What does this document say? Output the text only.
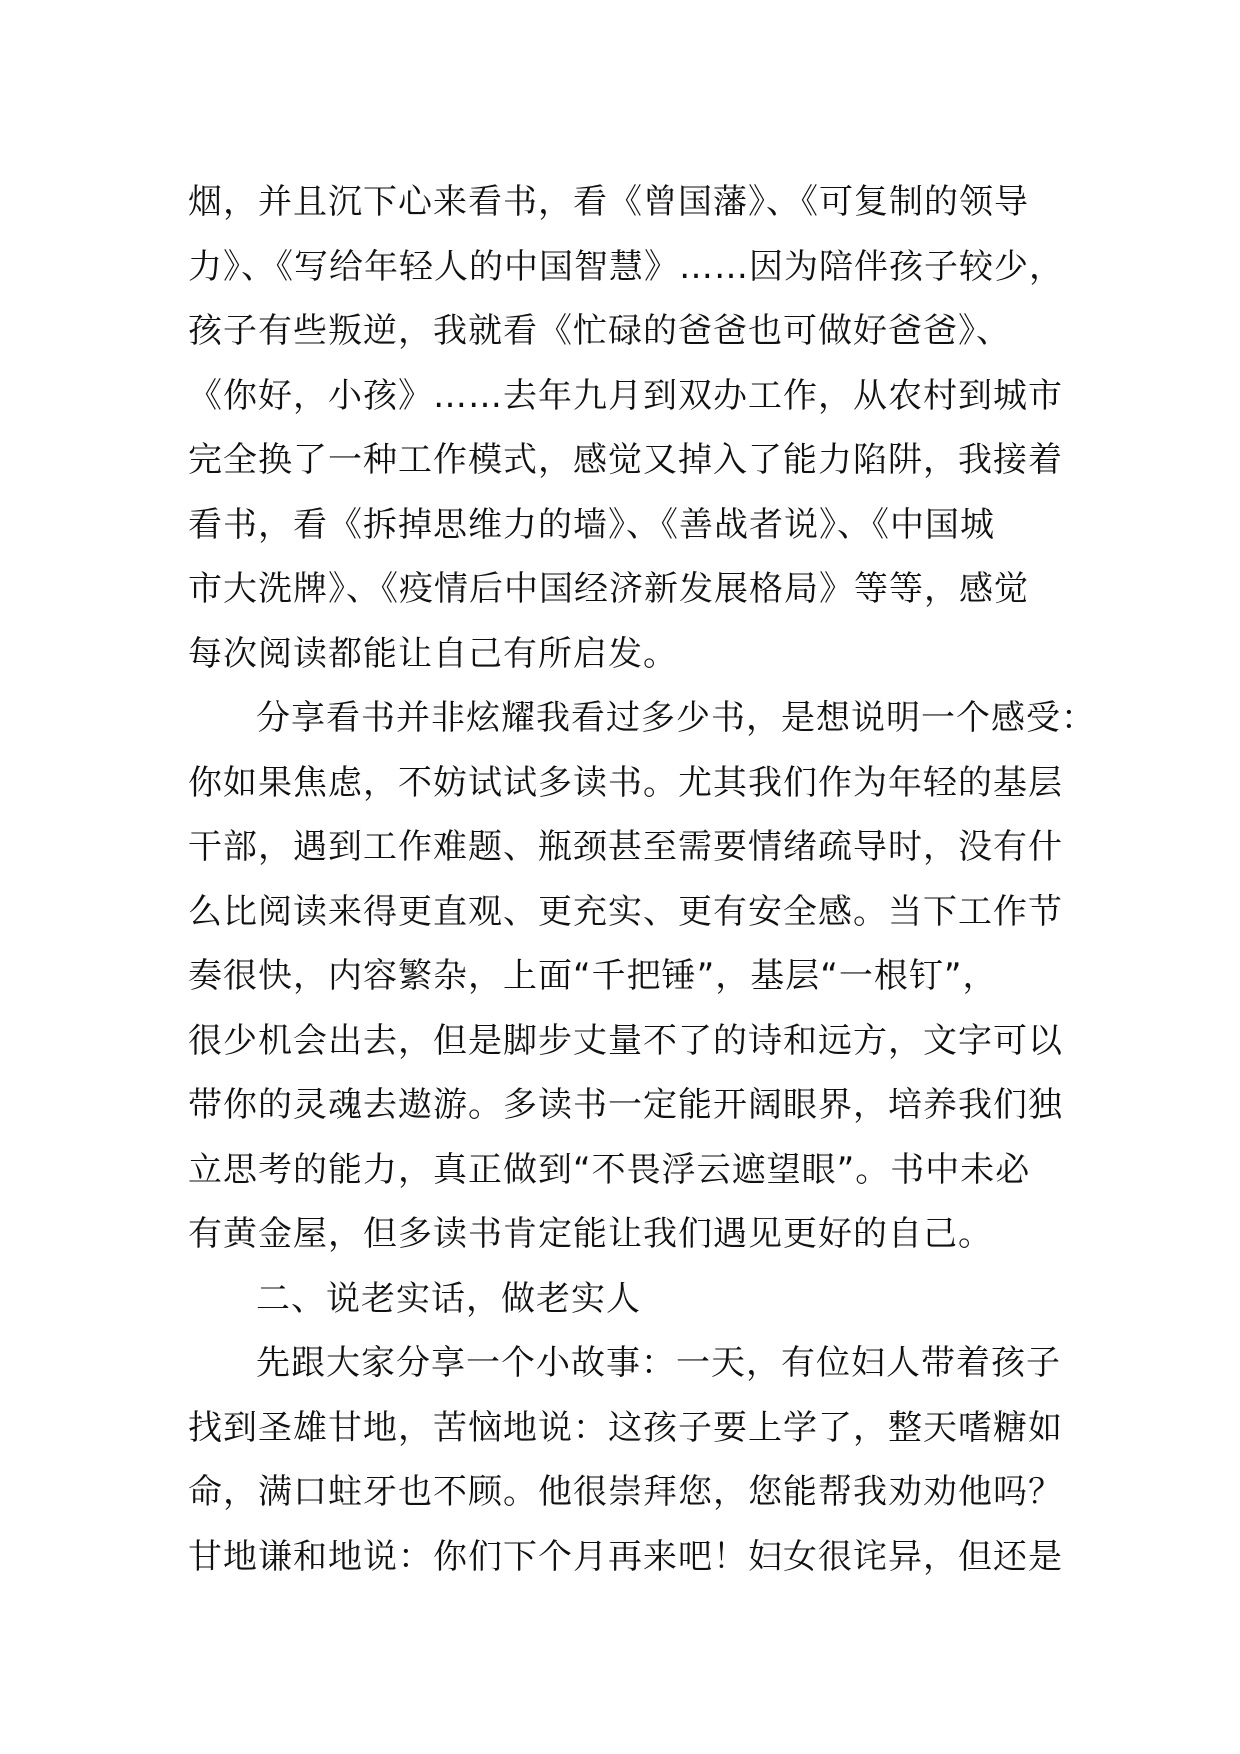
烟，并且沉下心来看书，看《曾国藩》、《可复制的领导
力》、《写给年轻人的中国智慧》……因为陪伴孩子较少，
孩子有些叛逆，我就看《忙碌的爸爸也可做好爸爸》、
《你好，小孩》……去年九月到双办工作，从农村到城市
完全换了一种工作模式，感觉又掉入了能力陷阱，我接着
看书，看《拆掉思维力的墙》、《善战者说》、《中国城
市大洗牌》、《疫情后中国经济新发展格局》等等，感觉
每次阅读都能让自己有所启发。
分享看书并非炫耀我看过多少书，是想说明一个感受：
你如果焦虑，不妨试试多读书。尤其我们作为年轻的基层
干部，遇到工作难题、瓶颈甚至需要情绪疏导时，没有什
么比阅读来得更直观、更充实、更有安全感。当下工作节
奏很快，内容繁杂，上面“千把锤”，基层“一根钉”，
很少机会出去，但是脚步丈量不了的诗和远方，文字可以
带你的灵魂去遨游。多读书一定能开阔眼界，培养我们独
立思考的能力，真正做到“不畏浮云遮望眼”。书中未必
有黄金屋，但多读书肯定能让我们遇见更好的自己。
二、说老实话，做老实人
先跟大家分享一个小故事：一天，有位妇人带着孩子
找到圣雄甘地，苦恼地说：这孩子要上学了，整天嗜糖如
命，满口蛀牙也不顾。他很崇拜您，您能帮我劝劝他吗？
甘地谦和地说：你们下个月再来吧！妇女很诧异，但还是
